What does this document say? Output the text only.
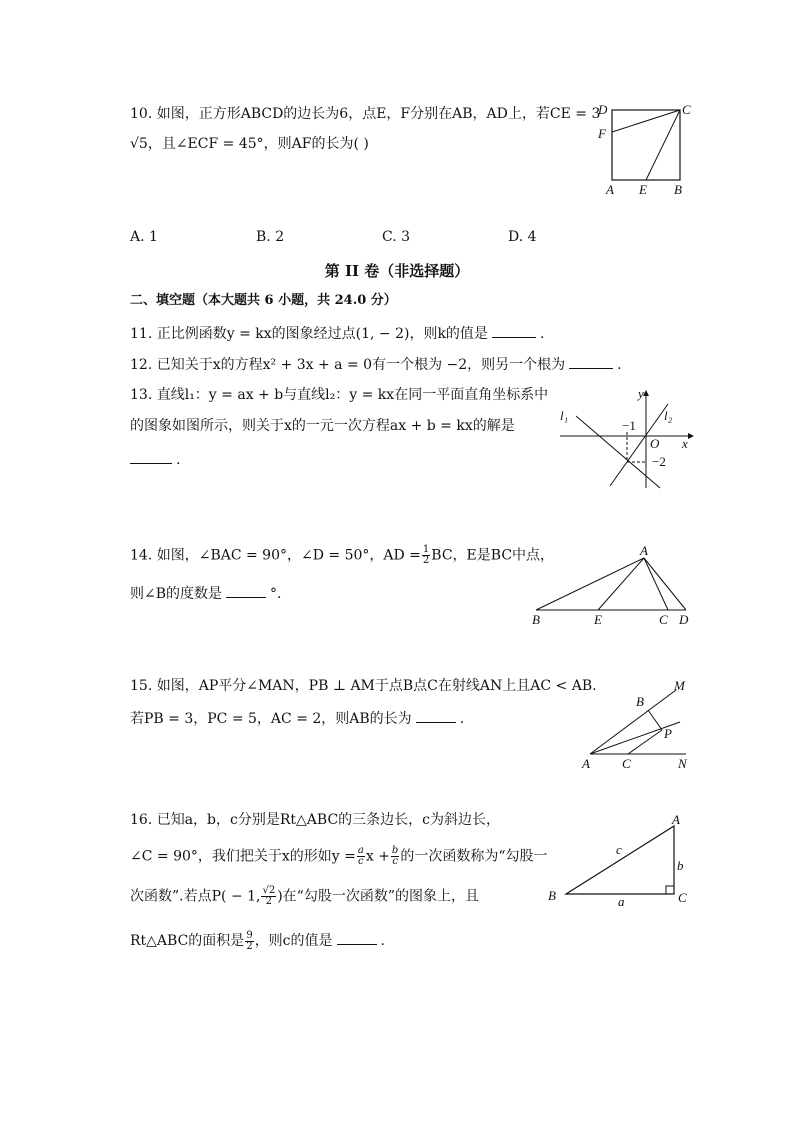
10. 如图，正方形ABCD的边长为6，点E，F分别在AB，AD上，若CE = 3
√5，且∠ECF = 45°，则AF的长为( )
D	C
F
A E B
A. 1	B. 2	C. 3	D. 4
第 II 卷（非选择题）
二、填空题（本大题共 6 小题，共 24.0 分）
11. 正比例函数y = kx的图象经过点(1, − 2)，则k的值是	.
12. 已知关于x的方程x² + 3x + a = 0有一个根为 −2，则另一个根为	.
13. 直线l₁：y = ax + b与直线l₂：y = kx在同一平面直角坐标系中
的图象如图所示，则关于x的一元一次方程ax + b = kx的解是
.
y
x
O
l₁	l₂
−1
−2
14. 如图，∠BAC = 90°，∠D = 50°，AD = $\frac{1}{2}$ BC，E是BC中点，
则∠B的度数是	°.
A
B	E	C D
15. 如图，AP平分∠MAN，PB ⊥ AM于点B点C在射线AN上且AC < AB.
若PB = 3，PC = 5，AC = 2，则AB的长为	.
B
M
P
A C	N
16. 已知a，b，c分别是Rt△ABC的三条边长，c为斜边长，
∠C = 90°，我们把关于x的形如$y = \frac{a}{c}$ $x + \frac{b}{c}$ 的一次函数称为“勾股一
次函数”.若点P( − 1, $\frac{√2}{2}$ )在“勾股一次函数”的图象上，且
Rt△ABC的面积是 $\frac{9}{2}$ ，则c的值是	.
A
B	C
a
b
c
